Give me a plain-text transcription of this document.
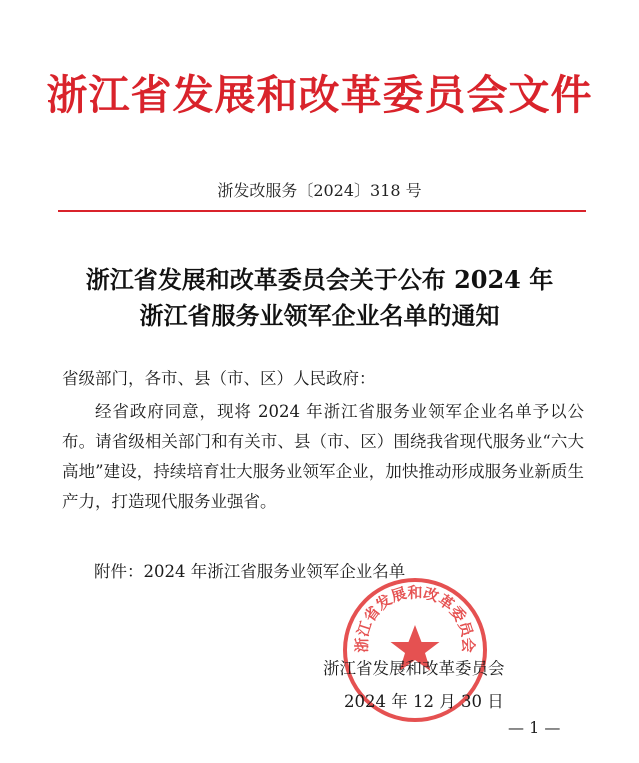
浙江省发展和改革委员会文件
浙发改服务〔2024〕318 号
浙江省发展和改革委员会关于公布 2024 年
浙江省服务业领军企业名单的通知
省级部门，各市、县（市、区）人民政府：
经省政府同意，现将 2024 年浙江省服务业领军企业名单予以公布。请省级相关部门和有关市、县（市、区）围绕我省现代服务业“六大高地”建设，持续培育壮大服务业领军企业，加快推动形成服务业新质生产力，打造现代服务业强省。
附件：2024 年浙江省服务业领军企业名单
浙江省发展和改革委员会
浙江省发展和改革委员会
2024 年 12 月 30 日
— 1 —
